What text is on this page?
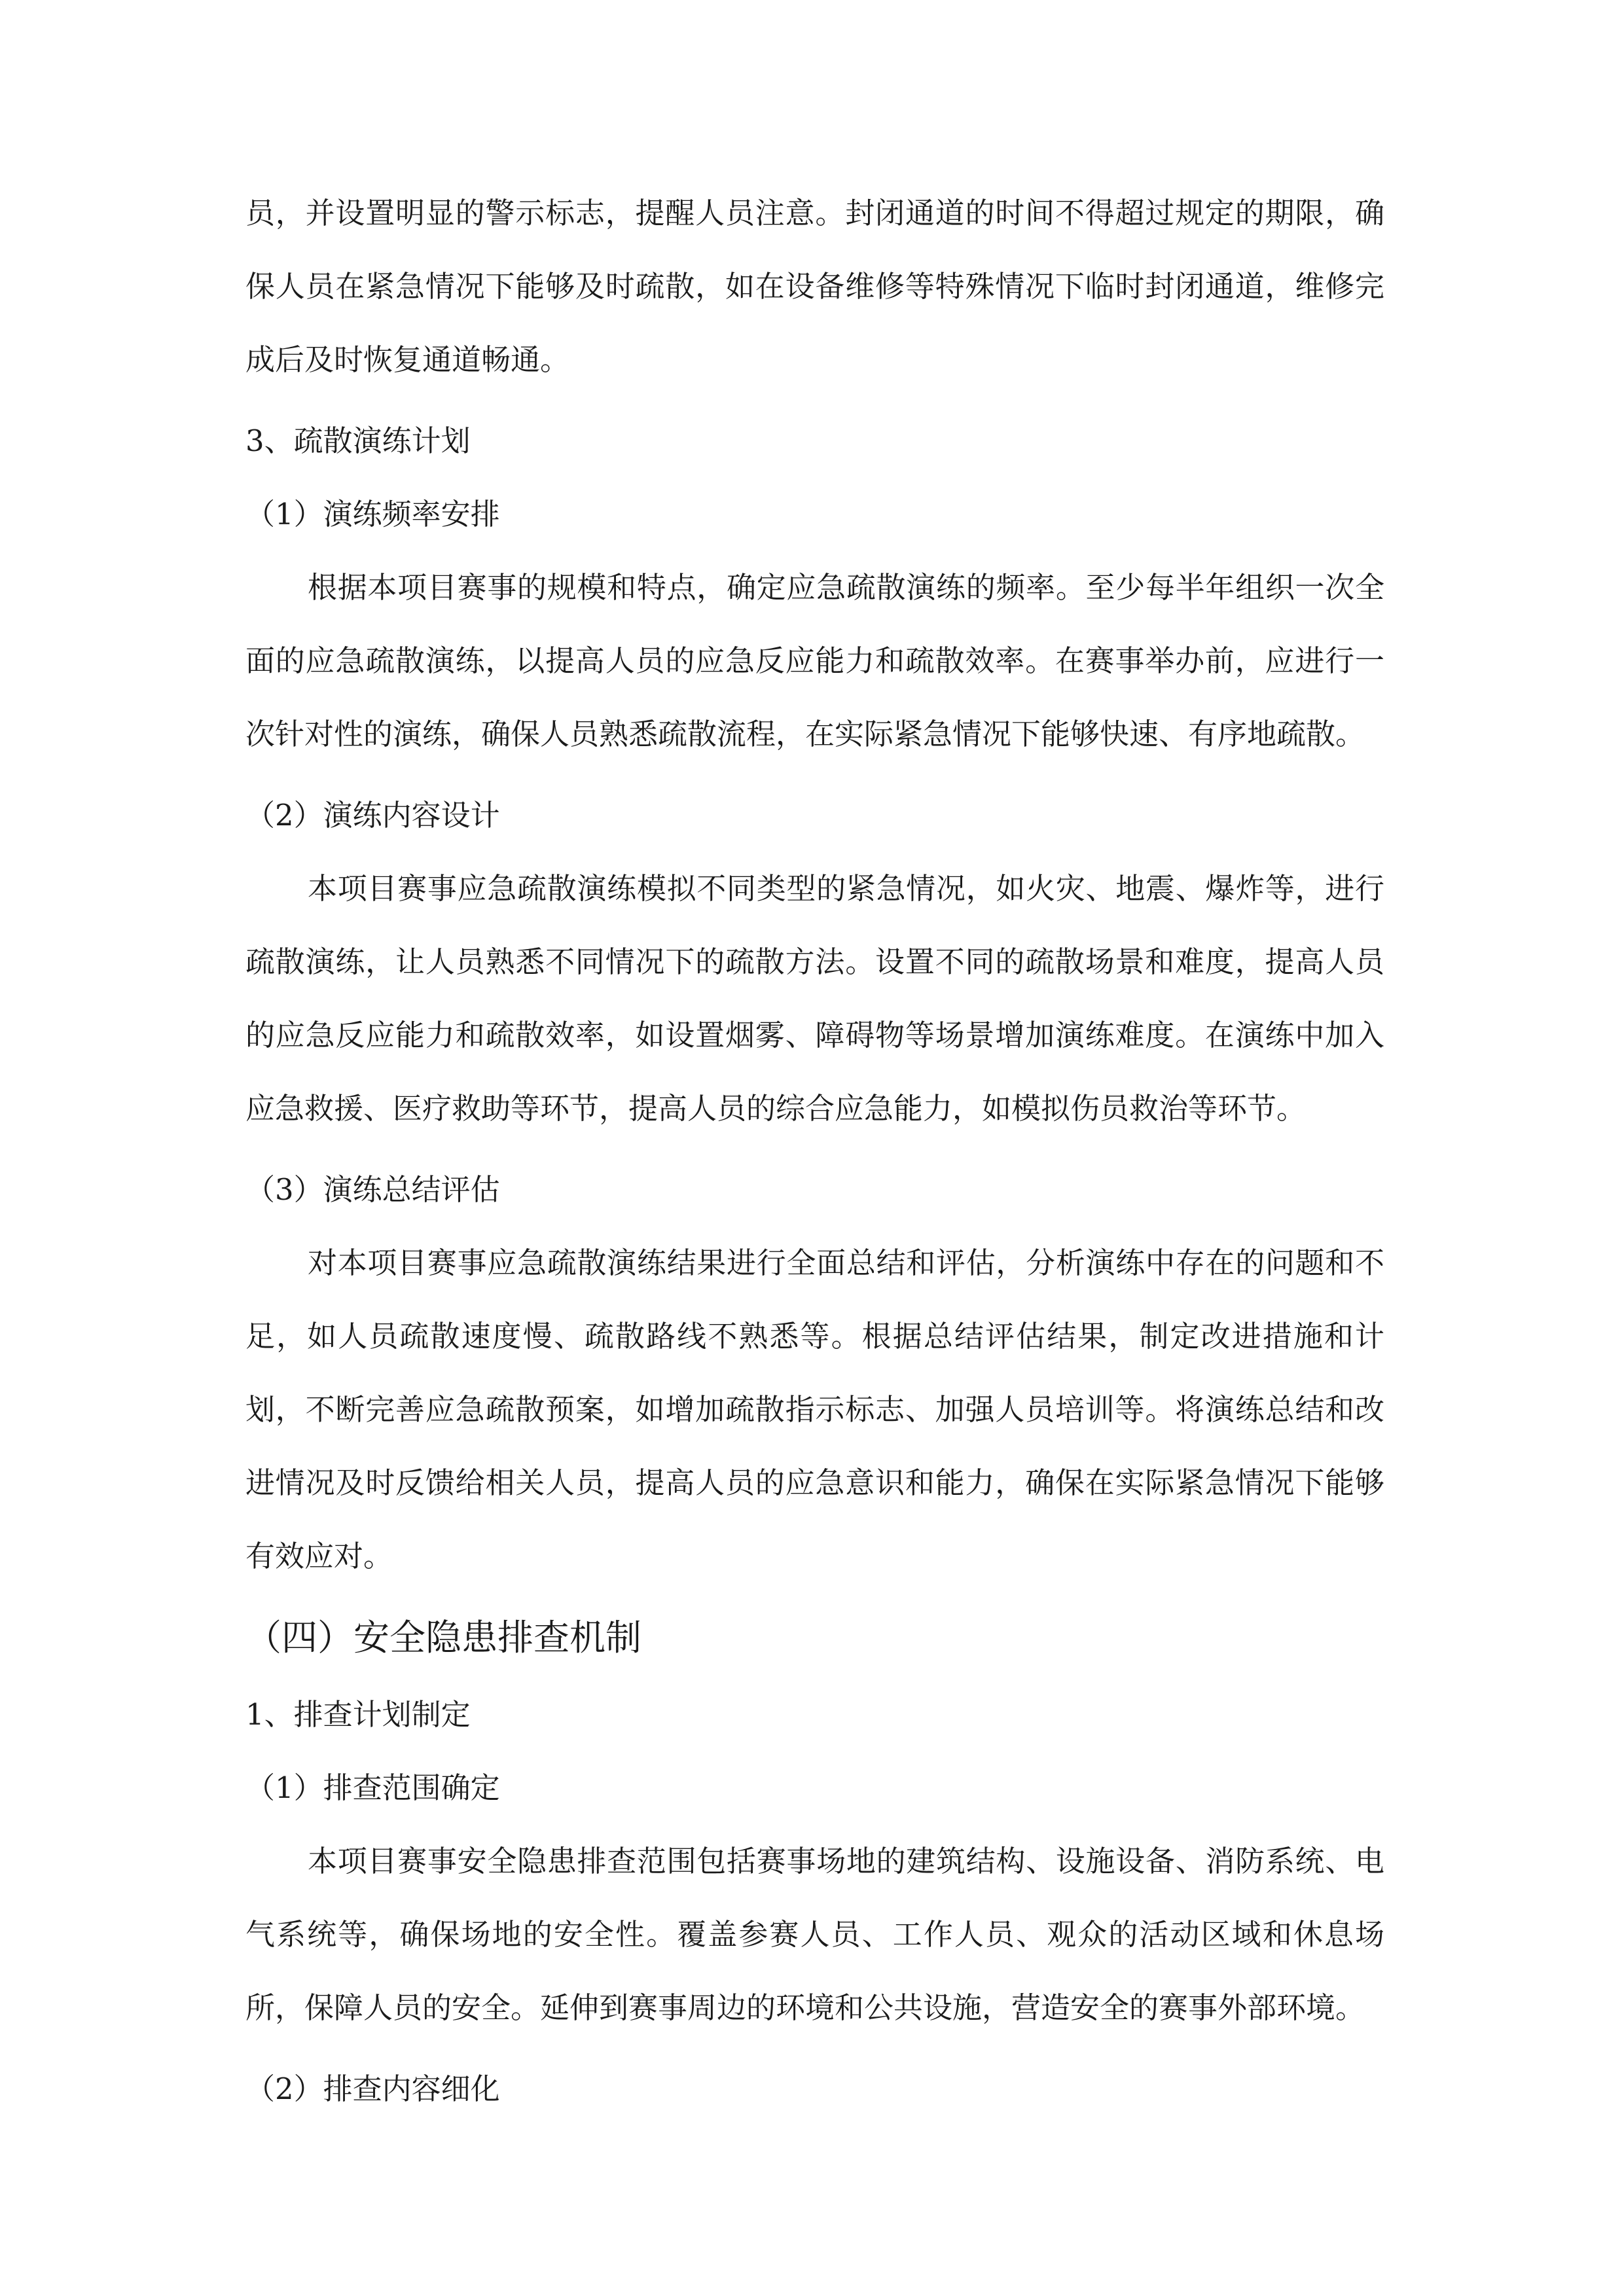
员，并设置明显的警示标志，提醒人员注意。封闭通道的时间不得超过规定的期限，确保人员在紧急情况下能够及时疏散，如在设备维修等特殊情况下临时封闭通道，维修完成后及时恢复通道畅通。

3、疏散演练计划

（1）演练频率安排

根据本项目赛事的规模和特点，确定应急疏散演练的频率。至少每半年组织一次全面的应急疏散演练，以提高人员的应急反应能力和疏散效率。在赛事举办前，应进行一次针对性的演练，确保人员熟悉疏散流程，在实际紧急情况下能够快速、有序地疏散。

（2）演练内容设计

本项目赛事应急疏散演练模拟不同类型的紧急情况，如火灾、地震、爆炸等，进行疏散演练，让人员熟悉不同情况下的疏散方法。设置不同的疏散场景和难度，提高人员的应急反应能力和疏散效率，如设置烟雾、障碍物等场景增加演练难度。在演练中加入应急救援、医疗救助等环节，提高人员的综合应急能力，如模拟伤员救治等环节。

（3）演练总结评估

对本项目赛事应急疏散演练结果进行全面总结和评估，分析演练中存在的问题和不足，如人员疏散速度慢、疏散路线不熟悉等。根据总结评估结果，制定改进措施和计划，不断完善应急疏散预案，如增加疏散指示标志、加强人员培训等。将演练总结和改进情况及时反馈给相关人员，提高人员的应急意识和能力，确保在实际紧急情况下能够有效应对。

（四）安全隐患排查机制

1、排查计划制定

（1）排查范围确定

本项目赛事安全隐患排查范围包括赛事场地的建筑结构、设施设备、消防系统、电气系统等，确保场地的安全性。覆盖参赛人员、工作人员、观众的活动区域和休息场所，保障人员的安全。延伸到赛事周边的环境和公共设施，营造安全的赛事外部环境。

（2）排查内容细化
